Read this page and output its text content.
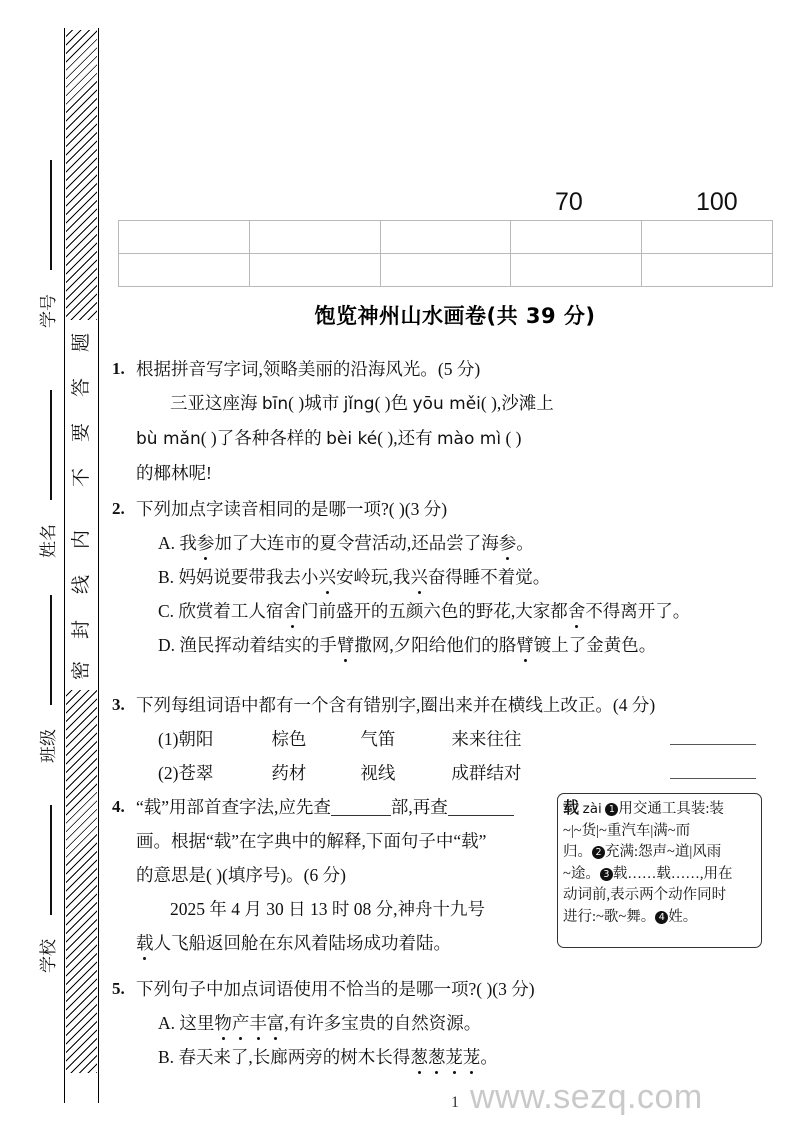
题
答
要
不
内
线
封
密
学号
姓名
班级
学校
70	100

饱览神州山水画卷(共 39 分)
1. 根据拼音写字词,领略美丽的沿海风光。(5 分)
三亚这座海 bīn( )城市 jǐng( )色 yōu měi( ),沙滩上
bù mǎn( )了各种各样的 bèi ké( ),还有 mào mì ( )
的椰林呢!
2. 下列加点字读音相同的是哪一项?( )(3 分)
A. 我参加了大连市的夏令营活动,还品尝了海参。
B. 妈妈说要带我去小兴安岭玩,我兴奋得睡不着觉。
C. 欣赏着工人宿舍门前盛开的五颜六色的野花,大家都舍不得离开了。
D. 渔民挥动着结实的手臂撒网,夕阳给他们的胳臂镀上了金黄色。
3. 下列每组词语中都有一个含有错别字,圈出来并在横线上改正。(4 分)
(1)朝阳	棕色	气笛	来来往往
(2)苍翠	药材	视线	成群结对
4. “载”用部首查字法,应先查	部,再查
画。根据“载”在字典中的解释,下面句子中“载”
的意思是( )(填序号)。(6 分)
2025 年 4 月 30 日 13 时 08 分,神舟十九号
载人飞船返回舱在东风着陆场成功着陆。
载 zài 1 用交通工具装:装
~|~货|~重汽车|满~而
归。 2 充满:怨声~道|风雨
~途。 3 载……载……,用在
动词前,表示两个动作同时
进行:~歌~舞。 4 姓。
5. 下列句子中加点词语使用不恰当的是哪一项?( )(3 分)
A. 这里物产丰富,有许多宝贵的自然资源。
B. 春天来了,长廊两旁的树木长得葱葱茏茏。
1 www.sezq.com
